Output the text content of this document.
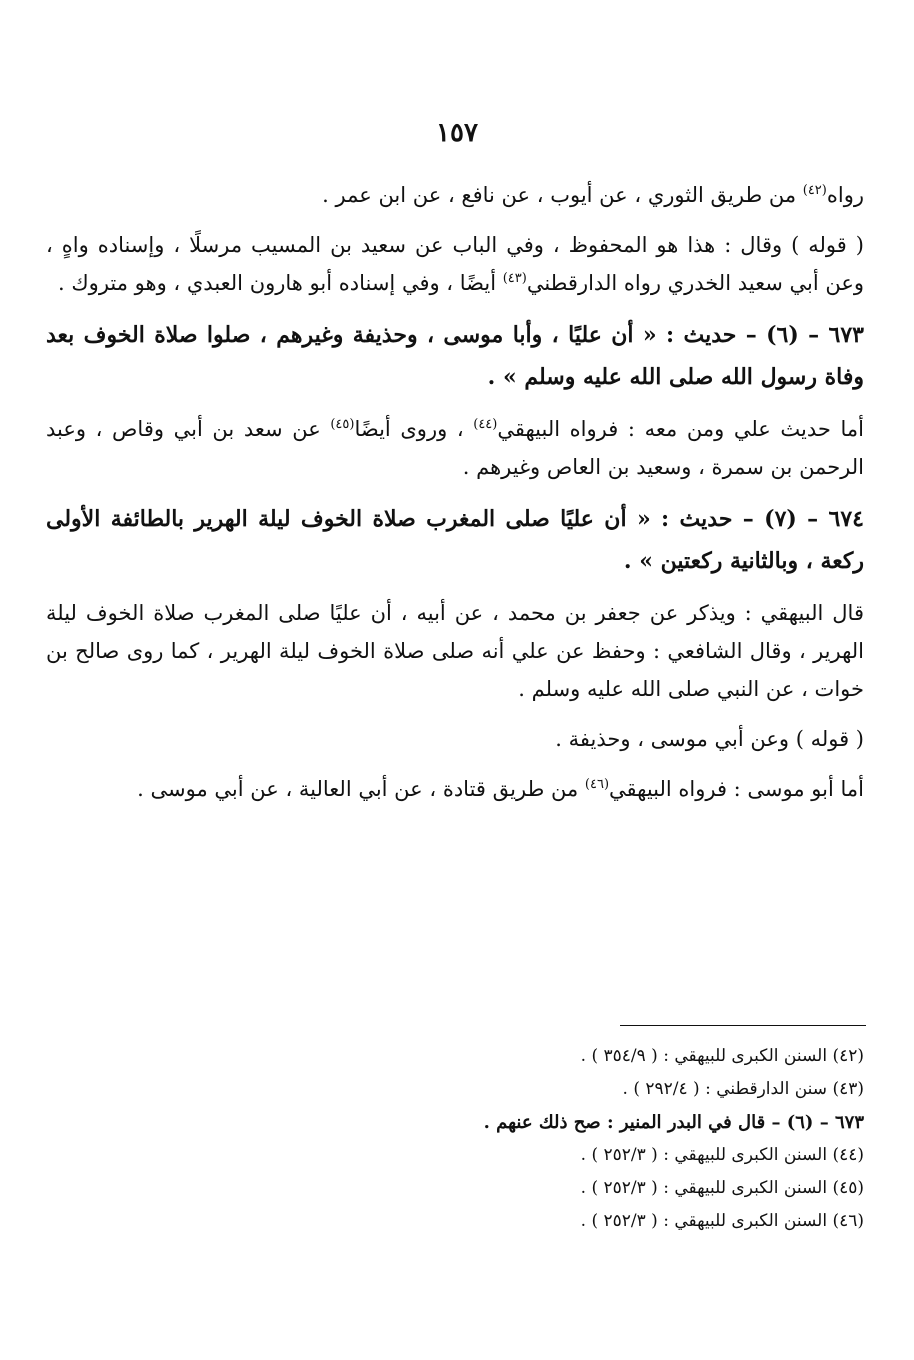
١٥٧

رواه$^{(٤٢)}$ من طريق الثوري ، عن أيوب ، عن نافع ، عن ابن عمر .

( قوله ) وقال : هذا هو المحفوظ ، وفي الباب عن سعيد بن المسيب مرسلًا ، وإسناده واهٍ ، وعن أبي سعيد الخدري رواه الدارقطني$^{(٤٣)}$ أيضًا ، وفي إسناده أبو هارون العبدي ، وهو متروك .

٦٧٣ – (٦) – حديث : « أن عليًا ، وأبا موسى ، وحذيفة وغيرهم ، صلوا صلاة الخوف بعد وفاة رسول الله صلى الله عليه وسلم » .

أما حديث علي ومن معه : فرواه البيهقي$^{(٤٤)}$ ، وروى أيضًا$^{(٤٥)}$ عن سعد بن أبي وقاص ، وعبد الرحمن بن سمرة ، وسعيد بن العاص وغيرهم .

٦٧٤ – (٧) – حديث : « أن عليًا صلى المغرب صلاة الخوف ليلة الهرير بالطائفة الأولى ركعة ، وبالثانية ركعتين » .

قال البيهقي : ويذكر عن جعفر بن محمد ، عن أبيه ، أن عليًا صلى المغرب صلاة الخوف ليلة الهرير ، وقال الشافعي : وحفظ عن علي أنه صلى صلاة الخوف ليلة الهرير ، كما روى صالح بن خوات ، عن النبي صلى الله عليه وسلم .

( قوله ) وعن أبي موسى ، وحذيفة .

أما أبو موسى : فرواه البيهقي$^{(٤٦)}$ من طريق قتادة ، عن أبي العالية ، عن أبي موسى .

(٤٢) السنن الكبرى للبيهقي : ( ٣٥٤/٩ ) .

(٤٣) سنن الدارقطني : ( ٢٩٢/٤ ) .

٦٧٣ – (٦) – قال في البدر المنير : صح ذلك عنهم .

(٤٤) السنن الكبرى للبيهقي : ( ٢٥٢/٣ ) .

(٤٥) السنن الكبرى للبيهقي : ( ٢٥٢/٣ ) .

(٤٦) السنن الكبرى للبيهقي : ( ٢٥٢/٣ ) .
